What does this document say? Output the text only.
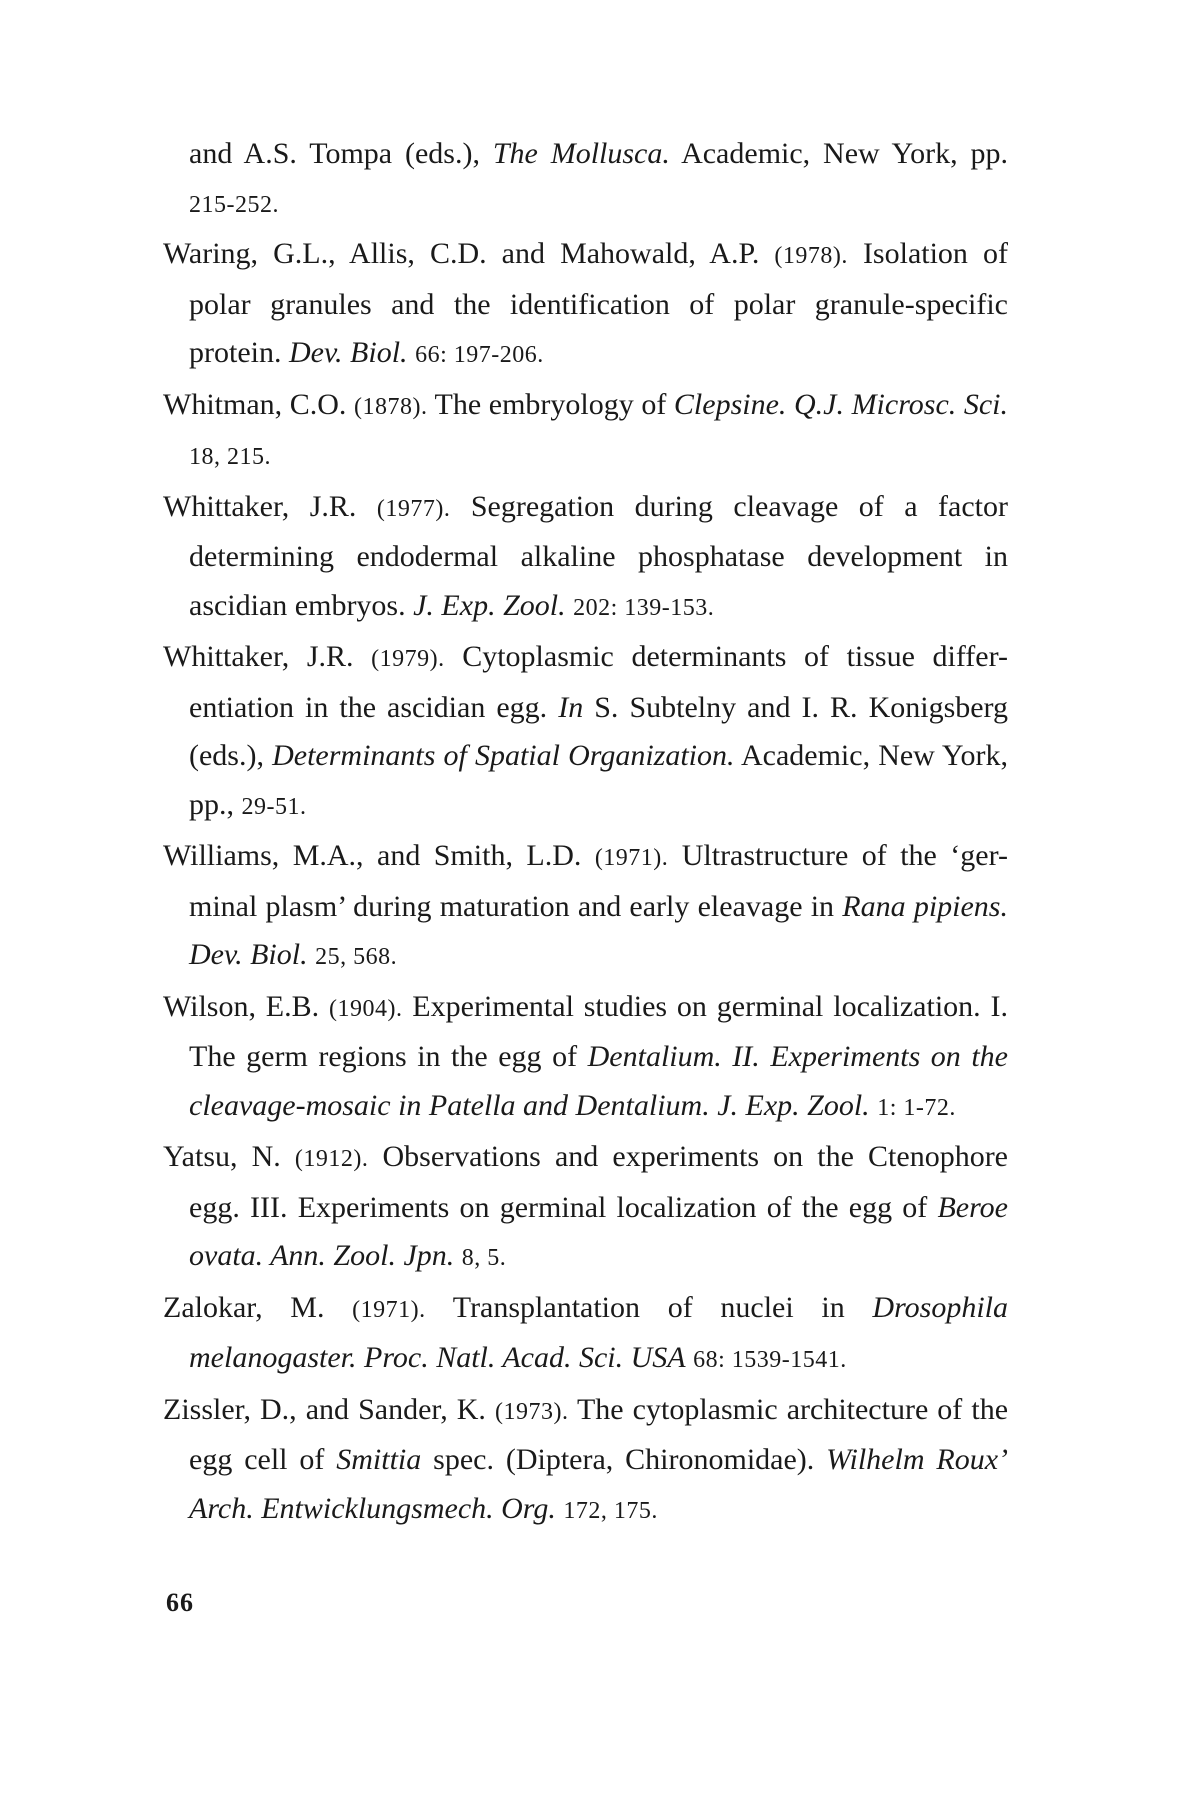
and A.S. Tompa (eds.), The Mollusca. Academic, New York, pp. 215-252.

Waring, G.L., Allis, C.D. and Mahowald, A.P. (1978). Isolation of polar granules and the identification of polar granule-specific protein. Dev. Biol. 66: 197-206.

Whitman, C.O. (1878). The embryology of Clepsine. Q.J. Microsc. Sci. 18, 215.

Whittaker, J.R. (1977). Segregation during cleavage of a factor determining endodermal alkaline phosphatase development in ascidian embryos. J. Exp. Zool. 202: 139-153.

Whittaker, J.R. (1979). Cytoplasmic determinants of tissue differ-entiation in the ascidian egg. In S. Subtelny and I. R. Konigsberg (eds.), Determinants of Spatial Organization. Academic, New York, pp., 29-51.

Williams, M.A., and Smith, L.D. (1971). Ultrastructure of the ‘ger-minal plasm’ during maturation and early eleavage in Rana pipiens. Dev. Biol. 25, 568.

Wilson, E.B. (1904). Experimental studies on germinal localization. I. The germ regions in the egg of Dentalium. II. Experiments on the cleavage-mosaic in Patella and Dentalium. J. Exp. Zool. 1: 1-72.

Yatsu, N. (1912). Observations and experiments on the Ctenophore egg. III. Experiments on germinal localization of the egg of Beroe ovata. Ann. Zool. Jpn. 8, 5.

Zalokar, M. (1971). Transplantation of nuclei in Drosophila melanogaster. Proc. Natl. Acad. Sci. USA 68: 1539-1541.

Zissler, D., and Sander, K. (1973). The cytoplasmic architecture of the egg cell of Smittia spec. (Diptera, Chironomidae). Wilhelm Roux’ Arch. Entwicklungsmech. Org. 172, 175.

66
